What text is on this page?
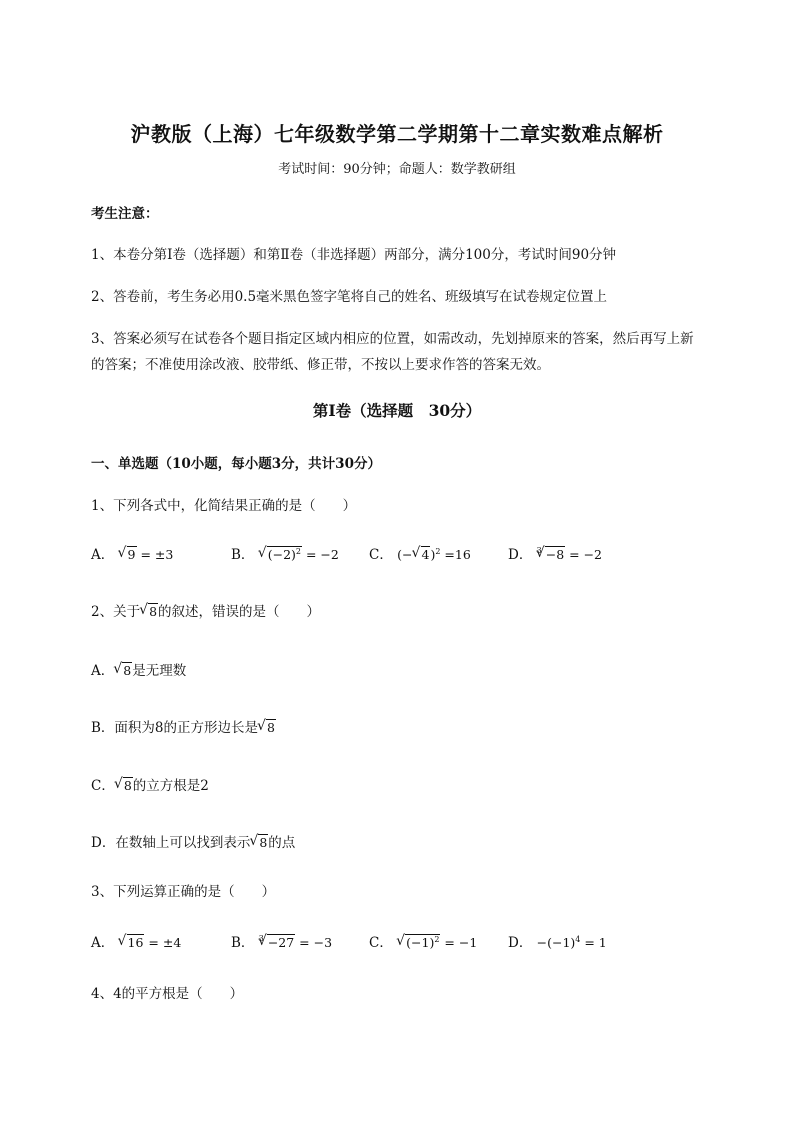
沪教版（上海）七年级数学第二学期第十二章实数难点解析
考试时间：90分钟；命题人：数学教研组
考生注意：
1、本卷分第Ⅰ卷（选择题）和第Ⅱ卷（非选择题）两部分，满分100分，考试时间90分钟
2、答卷前，考生务必用0.5毫米黑色签字笔将自己的姓名、班级填写在试卷规定位置上
3、答案必须写在试卷各个题目指定区域内相应的位置，如需改动，先划掉原来的答案，然后再写上新
的答案；不准使用涂改液、胶带纸、修正带，不按以上要求作答的答案无效。
第Ⅰ卷（选择题　30分）
一、单选题（10小题，每小题3分，共计30分）
1、下列各式中，化简结果正确的是（　　）
A． √ 9 = ±3	B． √ $(-2)^2 = -2$ C． (− √ 4)$^2$ =16	D． $^3$ √ −8 = −2
2、关于 √ 8的叙述，错误的是（　　）
A． √ 8是无理数
B．面积为8的正方形边长是 √ 8
C． √ 8的立方根是2
D．在数轴上可以找到表示 √ 8的点
3、下列运算正确的是（　　）
A． √ 16 = ±4	B． $^3$ √ −27 = −3	C． √ $(-1)^2 = -1$ D． $-(-1)^4 = 1$
4、4的平方根是（　　）
